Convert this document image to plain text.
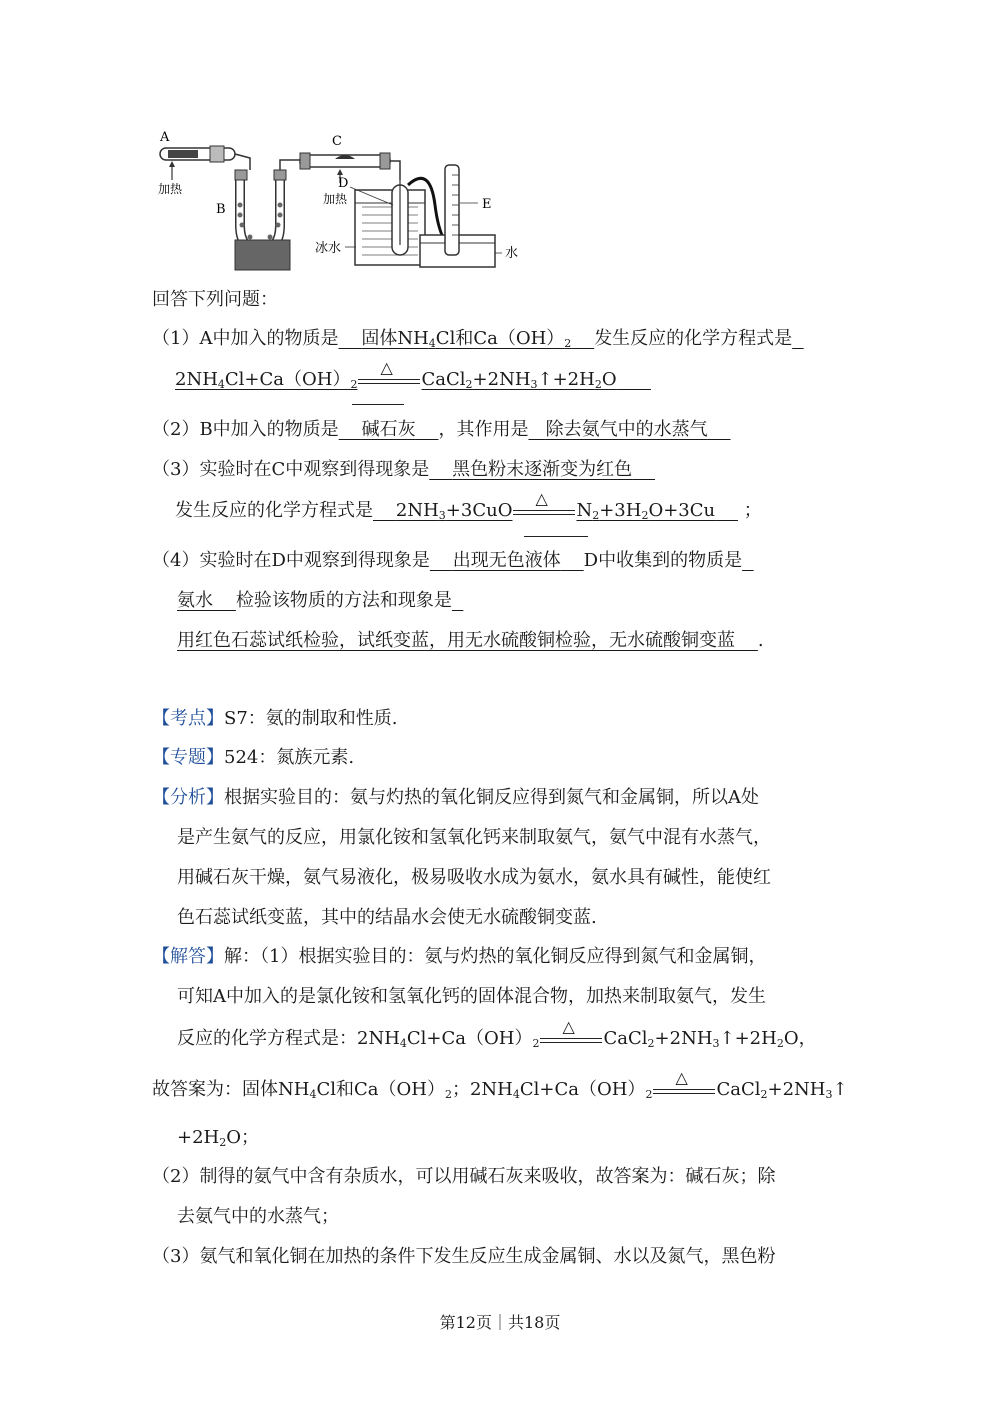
A
加热
B
C
加热
D
冰水
E
水
回答下列问题：
（1）A中加入的物质是 固体$NH_4Cl$和$Ca(OH)_2$ 发生反应的化学方程式是
$2NH_4Cl+Ca(OH)_2$
△
$CaCl_2+2NH_3↑+2H_2O$
（2）B中加入的物质是 碱石灰 ，其作用是 除去氨气中的水蒸气
（3）实验时在C中观察到得现象是 黑色粉末逐渐变为红色
发生反应的化学方程式是 $2NH_3+3CuO$
△
$N_2+3H_2O+3Cu$ ；
（4）实验时在D中观察到得现象是 出现无色液体 D中收集到的物质是
氨水 检验该物质的方法和现象是
用红色石蕊试纸检验，试纸变蓝，用无水硫酸铜检验，无水硫酸铜变蓝 .
【考点】S7：氨的制取和性质.
【专题】524：氮族元素.
【分析】根据实验目的：氨与灼热的氧化铜反应得到氮气和金属铜，所以A处
是产生氨气的反应，用氯化铵和氢氧化钙来制取氨气，氨气中混有水蒸气，
用碱石灰干燥，氨气易液化，极易吸收水成为氨水，氨水具有碱性，能使红
色石蕊试纸变蓝，其中的结晶水会使无水硫酸铜变蓝.
【解答】解：（1）根据实验目的：氨与灼热的氧化铜反应得到氮气和金属铜，
可知A中加入的是氯化铵和氢氧化钙的固体混合物，加热来制取氨气，发生
反应的化学方程式是：$2NH_4Cl+Ca(OH)_2$
△
$CaCl_2+2NH_3↑+2H_2O$，
故答案为：固体$NH_4Cl$和$Ca(OH)_2$；$2NH_4Cl+Ca(OH)_2$
△
$CaCl_2+2NH_3↑$
$+2H_2O$；
（2）制得的氨气中含有杂质水，可以用碱石灰来吸收，故答案为：碱石灰；除
去氨气中的水蒸气；
（3）氨气和氧化铜在加热的条件下发生反应生成金属铜、水以及氮气，黑色粉
第12页｜共18页
